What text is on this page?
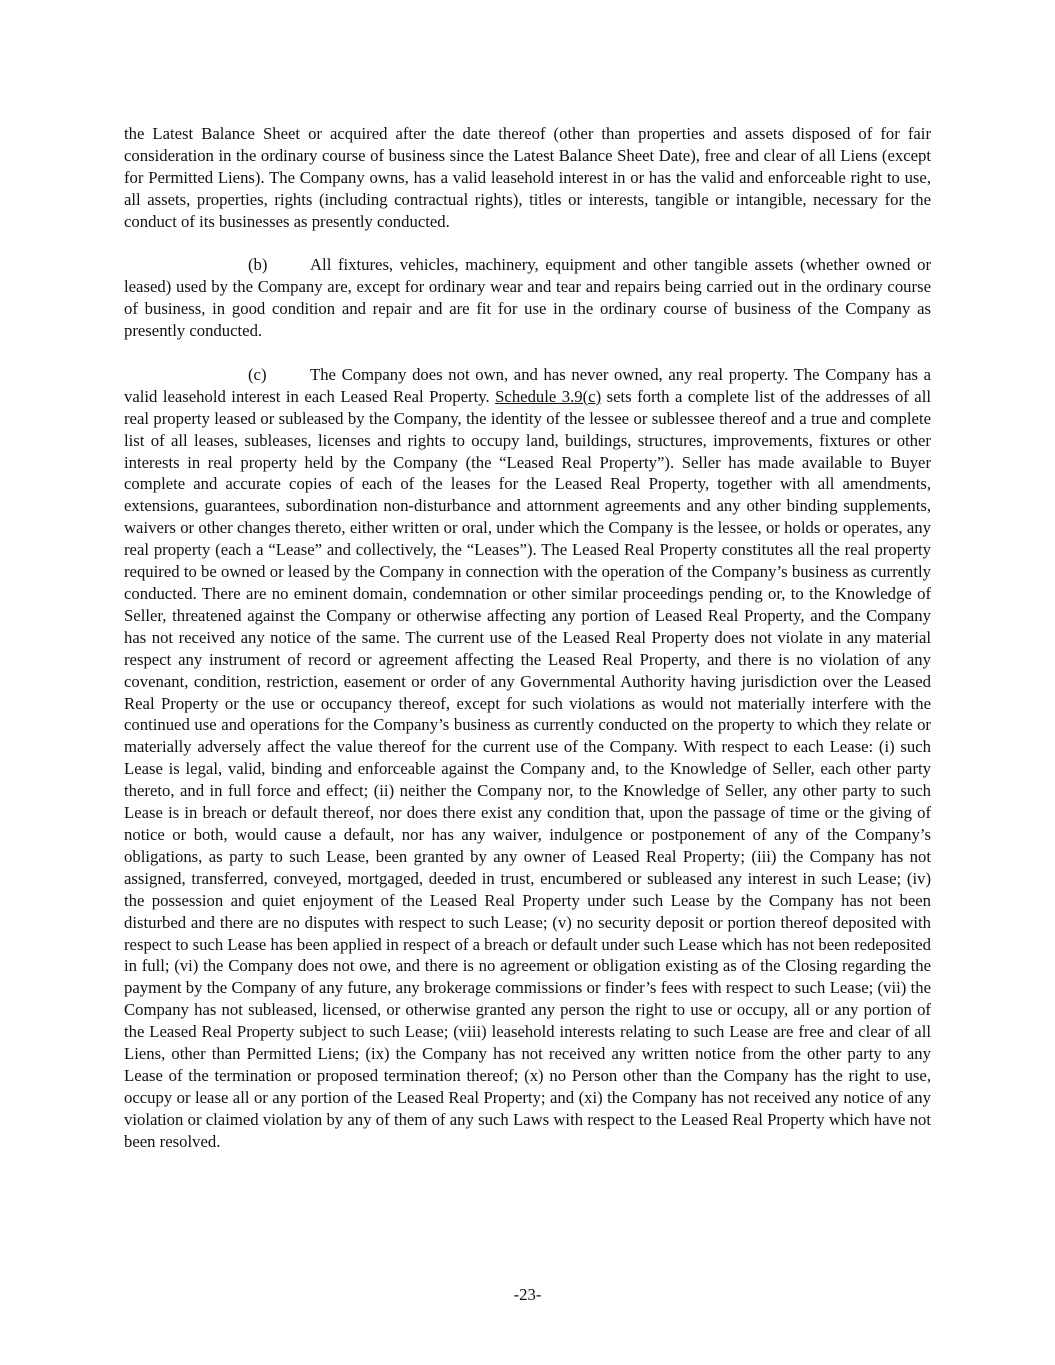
the Latest Balance Sheet or acquired after the date thereof (other than properties and assets disposed of for fair consideration in the ordinary course of business since the Latest Balance Sheet Date), free and clear of all Liens (except for Permitted Liens). The Company owns, has a valid leasehold interest in or has the valid and enforceable right to use, all assets, properties, rights (including contractual rights), titles or interests, tangible or intangible, necessary for the conduct of its businesses as presently conducted.

(b)	All fixtures, vehicles, machinery, equipment and other tangible assets (whether owned or leased) used by the Company are, except for ordinary wear and tear and repairs being carried out in the ordinary course of business, in good condition and repair and are fit for use in the ordinary course of business of the Company as presently conducted.

(c)	The Company does not own, and has never owned, any real property. The Company has a valid leasehold interest in each Leased Real Property. Schedule 3.9(c) sets forth a complete list of the addresses of all real property leased or subleased by the Company, the identity of the lessee or sublessee thereof and a true and complete list of all leases, subleases, licenses and rights to occupy land, buildings, structures, improvements, fixtures or other interests in real property held by the Company (the “Leased Real Property”). Seller has made available to Buyer complete and accurate copies of each of the leases for the Leased Real Property, together with all amendments, extensions, guarantees, subordination non-disturbance and attornment agreements and any other binding supplements, waivers or other changes thereto, either written or oral, under which the Company is the lessee, or holds or operates, any real property (each a “Lease” and collectively, the “Leases”). The Leased Real Property constitutes all the real property required to be owned or leased by the Company in connection with the operation of the Company’s business as currently conducted. There are no eminent domain, condemnation or other similar proceedings pending or, to the Knowledge of Seller, threatened against the Company or otherwise affecting any portion of Leased Real Property, and the Company has not received any notice of the same. The current use of the Leased Real Property does not violate in any material respect any instrument of record or agreement affecting the Leased Real Property, and there is no violation of any covenant, condition, restriction, easement or order of any Governmental Authority having jurisdiction over the Leased Real Property or the use or occupancy thereof, except for such violations as would not materially interfere with the continued use and operations for the Company’s business as currently conducted on the property to which they relate or materially adversely affect the value thereof for the current use of the Company. With respect to each Lease: (i) such Lease is legal, valid, binding and enforceable against the Company and, to the Knowledge of Seller, each other party thereto, and in full force and effect; (ii) neither the Company nor, to the Knowledge of Seller, any other party to such Lease is in breach or default thereof, nor does there exist any condition that, upon the passage of time or the giving of notice or both, would cause a default, nor has any waiver, indulgence or postponement of any of the Company’s obligations, as party to such Lease, been granted by any owner of Leased Real Property; (iii) the Company has not assigned, transferred, conveyed, mortgaged, deeded in trust, encumbered or subleased any interest in such Lease; (iv) the possession and quiet enjoyment of the Leased Real Property under such Lease by the Company has not been disturbed and there are no disputes with respect to such Lease; (v) no security deposit or portion thereof deposited with respect to such Lease has been applied in respect of a breach or default under such Lease which has not been redeposited in full; (vi) the Company does not owe, and there is no agreement or obligation existing as of the Closing regarding the payment by the Company of any future, any brokerage commissions or finder’s fees with respect to such Lease; (vii) the Company has not subleased, licensed, or otherwise granted any person the right to use or occupy, all or any portion of the Leased Real Property subject to such Lease; (viii) leasehold interests relating to such Lease are free and clear of all Liens, other than Permitted Liens; (ix) the Company has not received any written notice from the other party to any Lease of the termination or proposed termination thereof; (x) no Person other than the Company has the right to use, occupy or lease all or any portion of the Leased Real Property; and (xi) the Company has not received any notice of any violation or claimed violation by any of them of any such Laws with respect to the Leased Real Property which have not been resolved.

-23-
